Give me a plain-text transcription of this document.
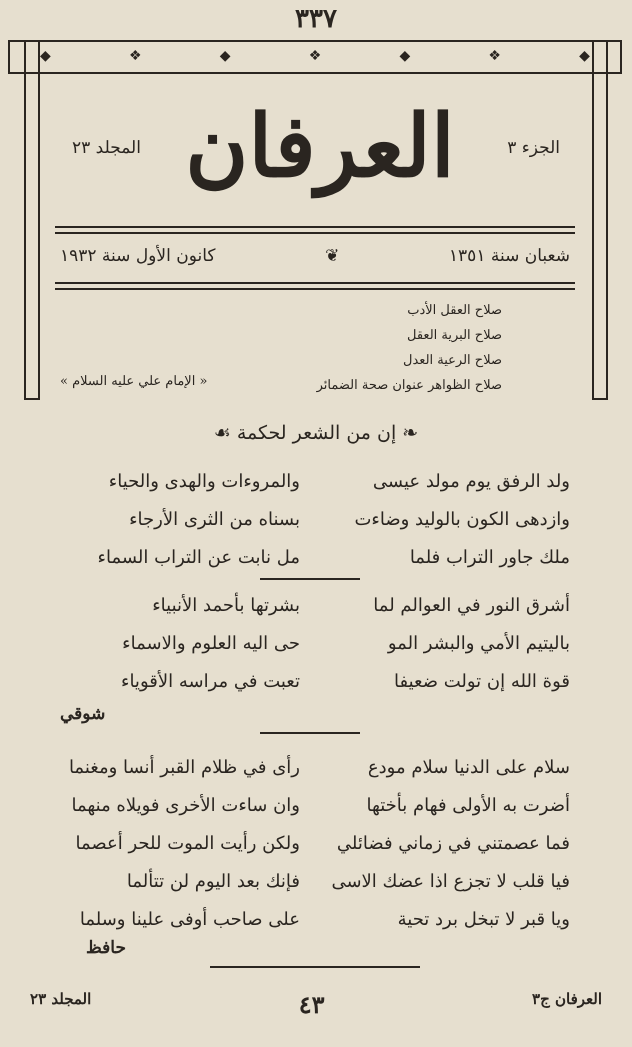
٣٣٧
◆	❖	◆	❖	◆	❖	◆
الجزء ٣
العرفان
المجلد ٢٣
شعبان سنة ١٣٥١
❦
كانون الأول سنة ١٩٣٢
صلاح العقل الأدب
صلاح البرية العقل
صلاح الرعية العدل
صلاح الظواهر عنوان صحة الضمائر
« الإمام علي عليه السلام »
❧ إن من الشعر لحكمة ☙
ولد الرفق يوم مولد عيسى
والمروءات والهدى والحياء
وازدهى الكون بالوليد وضاءت
بسناه من الثرى الأرجاء
ملك جاور التراب فلما
مل نابت عن التراب السماء
أشرق النور في العوالم لما
بشرتها بأحمد الأنبياء
باليتيم الأمي والبشر المو
حى اليه العلوم والاسماء
قوة الله إن تولت ضعيفا
تعبت في مراسه الأقوياء
شوقي
سلام على الدنيا سلام مودع
رأى في ظلام القبر أنسا ومغنما
أضرت به الأولى فهام بأختها
وان ساءت الأخرى فويلاه منهما
فما عصمتني في زماني فضائلي
ولكن رأيت الموت للحر أعصما
فيا قلب لا تجزع اذا عضك الاسى
فإنك بعد اليوم لن تتألما
ويا قبر لا تبخل برد تحية
على صاحب أوفى علينا وسلما
حافظ
العرفان ج٣
٤٣
المجلد ٢٣
